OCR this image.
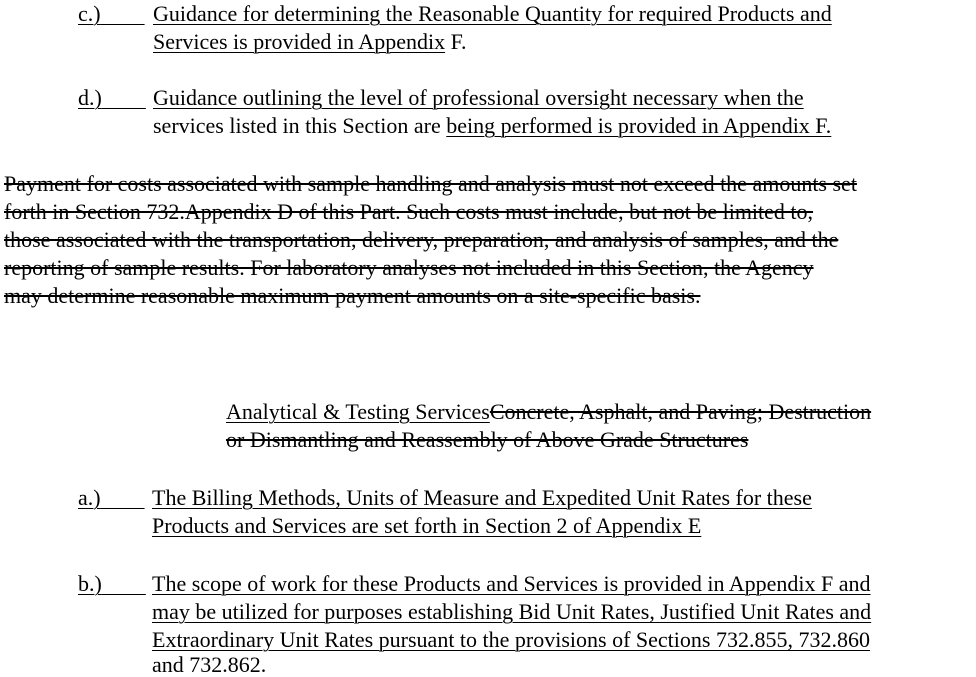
c.)  	Guidance for determining the Reasonable Quantity for required Products and
Services is provided in Appendix F.
d.)  	Guidance outlining the level of professional oversight necessary when the
services listed in this Section are being performed is provided in Appendix F.
Payment for costs associated with sample handling and analysis must not exceed the amounts set
forth in Section 732.Appendix D of this Part. Such costs must include, but not be limited to,
those associated with the transportation, delivery, preparation, and analysis of samples, and the
reporting of sample results. For laboratory analyses not included in this Section, the Agency
may determine reasonable maximum payment amounts on a site-specific basis.
Analytical & Testing ServicesConcrete, Asphalt, and Paving; Destruction
or Dismantling and Reassembly of Above Grade Structures
a.)  	The Billing Methods, Units of Measure and Expedited Unit Rates for these
Products and Services are set forth in Section 2 of Appendix E
b.)  	The scope of work for these Products and Services is provided in Appendix F and
may be utilized for purposes establishing Bid Unit Rates, Justified Unit Rates and
Extraordinary Unit Rates pursuant to the provisions of Sections 732.855, 732.860
and 732.862.
